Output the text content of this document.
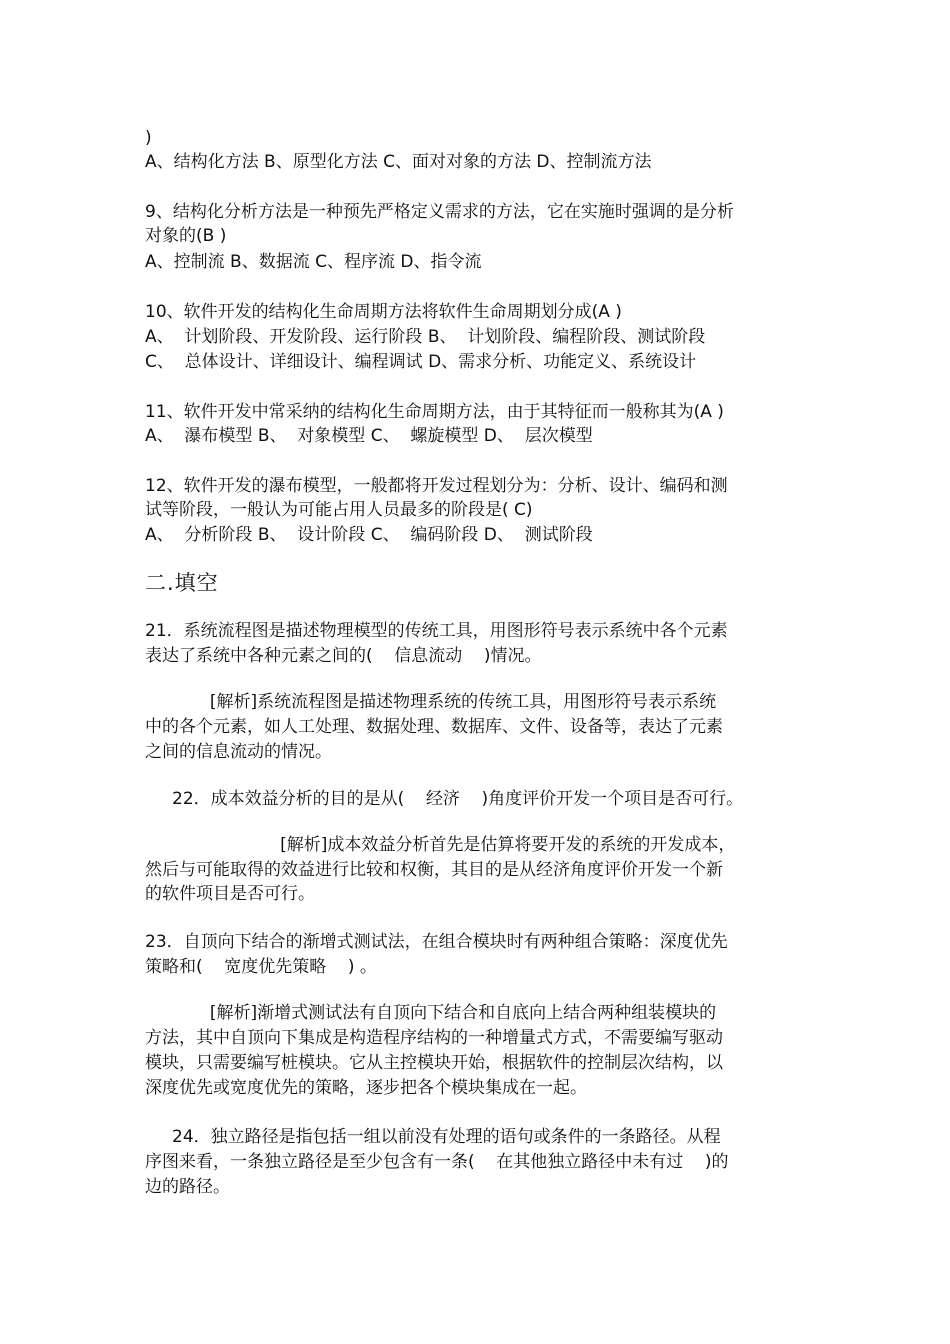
)

A、结构化方法 B、原型化方法 C、面对对象的方法 D、控制流方法

9、结构化分析方法是一种预先严格定义需求的方法，它在实施时强调的是分析

对象的(B )

A、控制流 B、数据流 C、程序流 D、指令流

10、软件开发的结构化生命周期方法将软件生命周期划分成(A )

A、  计划阶段、开发阶段、运行阶段 B、  计划阶段、编程阶段、测试阶段

C、  总体设计、详细设计、编程调试 D、需求分析、功能定义、系统设计

11、软件开发中常采纳的结构化生命周期方法，由于其特征而一般称其为(A )

A、  瀑布模型 B、  对象模型 C、  螺旋模型 D、  层次模型

12、软件开发的瀑布模型，一般都将开发过程划分为：分析、设计、编码和测

试等阶段，一般认为可能占用人员最多的阶段是( C)

A、  分析阶段 B、  设计阶段 C、  编码阶段 D、  测试阶段

二.填空

21．系统流程图是描述物理模型的传统工具，用图形符号表示系统中各个元素

表达了系统中各种元素之间的(    信息流动    )情况。

[解析]系统流程图是描述物理系统的传统工具，用图形符号表示系统

中的各个元素，如人工处理、数据处理、数据库、文件、设备等，表达了元素

之间的信息流动的情况。

22．成本效益分析的目的是从(    经济    )角度评价开发一个项目是否可行。

[解析]成本效益分析首先是估算将要开发的系统的开发成本，

然后与可能取得的效益进行比较和权衡，其目的是从经济角度评价开发一个新

的软件项目是否可行。

23．自顶向下结合的渐增式测试法，在组合模块时有两种组合策略：深度优先

策略和(    宽度优先策略    ) 。

[解析]渐增式测试法有自顶向下结合和自底向上结合两种组装模块的

方法，其中自顶向下集成是构造程序结构的一种增量式方式，不需要编写驱动

模块，只需要编写桩模块。它从主控模块开始，根据软件的控制层次结构，以

深度优先或宽度优先的策略，逐步把各个模块集成在一起。

24．独立路径是指包括一组以前没有处理的语句或条件的一条路径。从程

序图来看，一条独立路径是至少包含有一条(    在其他独立路径中未有过    )的

边的路径。
